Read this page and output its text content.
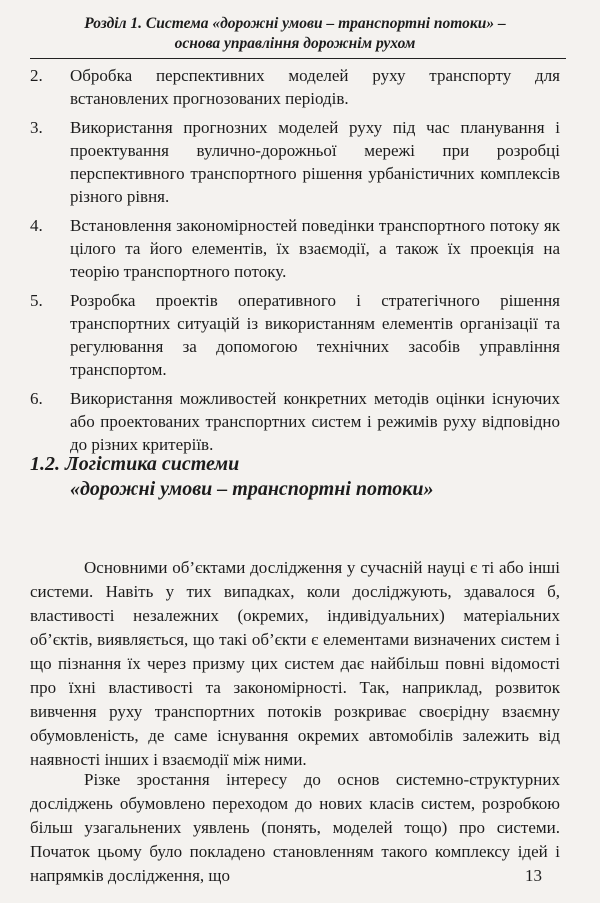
Розділ 1. Система «дорожні умови – транспортні потоки» –
основа управління дорожнім рухом
2.	Обробка перспективних моделей руху транспорту для встановлених прогнозованих періодів.
3.	Використання прогнозних моделей руху під час планування і проектування вулично-дорожньої мережі при розробці перспективного транспортного рішення урбаністичних комплексів різного рівня.
4.	Встановлення закономірностей поведінки транспортного потоку як цілого та його елементів, їх взаємодії, а також їх проекція на теорію транспортного потоку.
5.	Розробка проектів оперативного і стратегічного рішення транспортних ситуацій із використанням елементів організації та регулювання за допомогою технічних засобів управління транспортом.
6.	Використання можливостей конкретних методів оцінки існуючих або проектованих транспортних систем і режимів руху відповідно до різних критеріїв.
1.2. Логістика системи
«дорожні умови – транспортні потоки»

Основними об’єктами дослідження у сучасній науці є ті або інші системи. Навіть у тих випадках, коли досліджують, здавалося б, властивості незалежних (окремих, індивідуальних) матеріальних об’єктів, виявляється, що такі об’єкти є елементами визначених систем і що пізнання їх через призму цих систем дає найбільш повні відомості про їхні властивості та закономірності. Так, наприклад, розвиток вивчення руху транспортних потоків розкриває своєрідну взаємну обумовленість, де саме існування окремих автомобілів залежить від наявності інших і взаємодії між ними.

Різке зростання інтересу до основ системно-структурних досліджень обумовлено переходом до нових класів систем, розробкою більш узагальнених уявлень (понять, моделей тощо) про системи. Початок цьому було покладено становленням такого комплексу ідей і напрямків дослідження, що	13
